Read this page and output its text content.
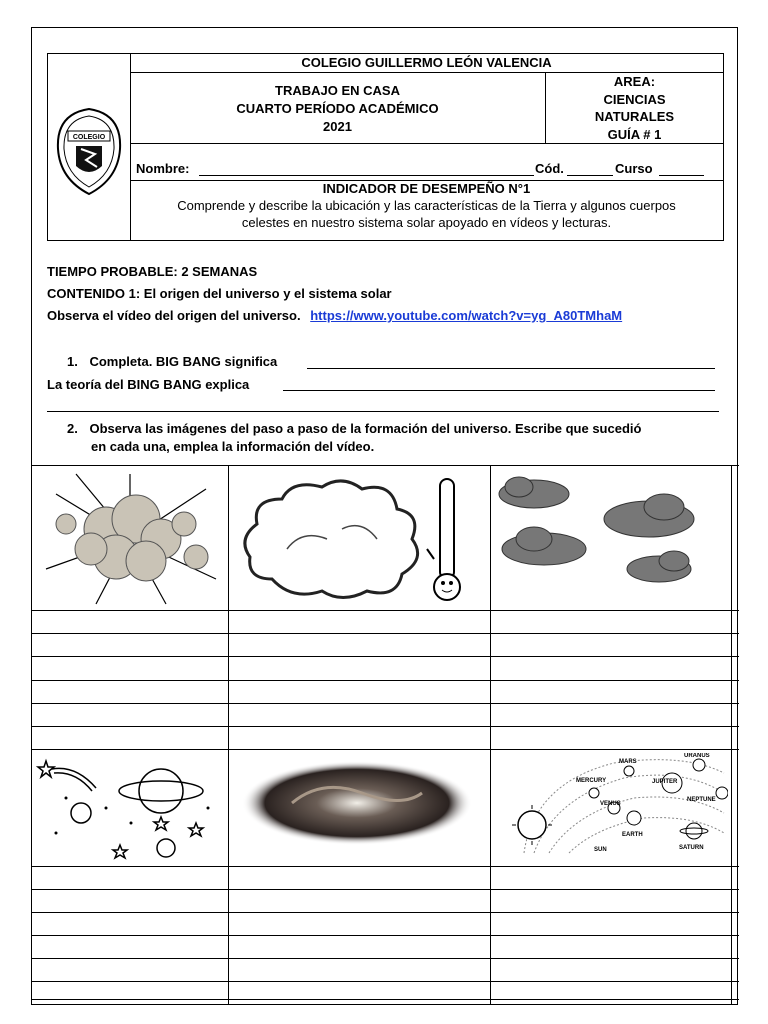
COLEGIO
COLEGIO GUILLERMO LEÓN VALENCIA
TRABAJO EN CASA
CUARTO PERÍODO ACADÉMICO
2021
AREA:
CIENCIAS
NATURALES
GUÍA # 1
Nombre:	Cód.	Curso
INDICADOR DE DESEMPEÑO N°1
Comprende y describe la ubicación y las características de la Tierra y algunos cuerpos
celestes en nuestro sistema solar apoyado en vídeos y lecturas.
TIEMPO PROBABLE: 2 SEMANAS
CONTENIDO 1: El origen del universo y el sistema solar
Observa el vídeo del origen del universo. https://www.youtube.com/watch?v=yg_A80TMhaM
1. Completa. BIG BANG significa
La teoría del BING BANG explica
2. Observa las imágenes del paso a paso de la formación del universo. Escribe que sucedió
en cada una, emplea la información del vídeo.
MERCURY
VENUS
EARTH
SUN
MARS
JUPITER
SATURN
URANUS
NEPTUNE
